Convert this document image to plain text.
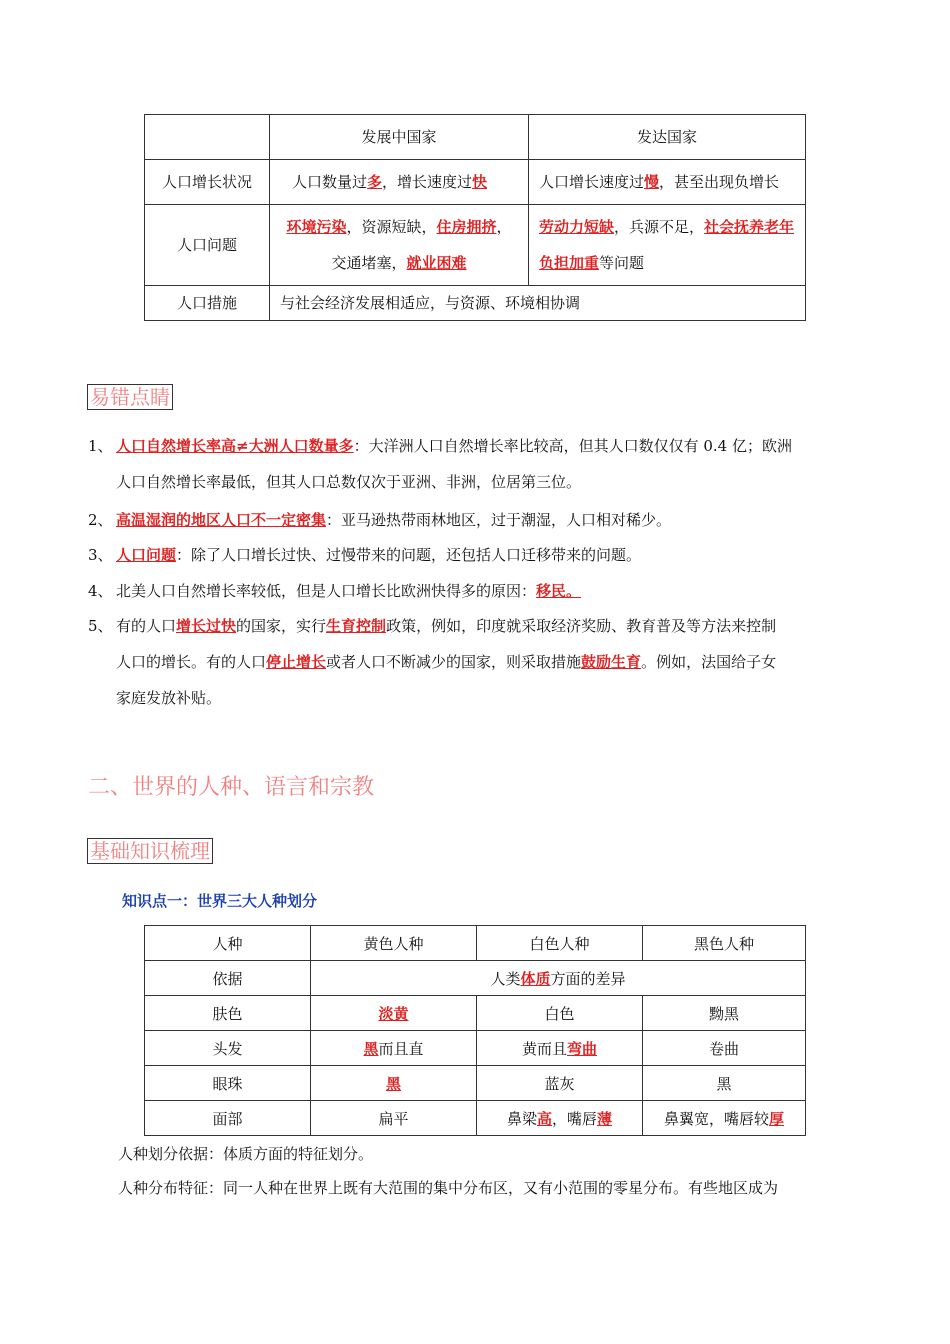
	发展中国家	发达国家
人口增长状况	人口数量过多，增长速度过快	人口增长速度过慢，甚至出现负增长
人口问题	环境污染，资源短缺，住房拥挤，交通堵塞，就业困难	劳动力短缺，兵源不足，社会抚养老年负担加重等问题
人口措施	与社会经济发展相适应，与资源、环境相协调	
易错点睛
1、 人口自然增长率高≠大洲人口数量多：大洋洲人口自然增长率比较高，但其人口数仅仅有 0.4 亿；欧洲
人口自然增长率最低，但其人口总数仅次于亚洲、非洲，位居第三位。
2、 高温湿润的地区人口不一定密集：亚马逊热带雨林地区，过于潮湿，人口相对稀少。
3、 人口问题：除了人口增长过快、过慢带来的问题，还包括人口迁移带来的问题。
4、 北美人口自然增长率较低，但是人口增长比欧洲快得多的原因：移民。
5、 有的人口增长过快的国家，实行生育控制政策，例如，印度就采取经济奖励、教育普及等方法来控制
人口的增长。有的人口停止增长或者人口不断减少的国家，则采取措施鼓励生育。例如，法国给子女
家庭发放补贴。
二、世界的人种、语言和宗教
基础知识梳理
知识点一：世界三大人种划分
人种	黄色人种	白色人种	黑色人种
依据	人类体质方面的差异		
肤色	淡黄	白色	黝黑
头发	黑而且直	黄而且弯曲	卷曲
眼珠	黑	蓝灰	黑
面部	扁平	鼻梁高，嘴唇薄	鼻翼宽，嘴唇较厚
人种划分依据：体质方面的特征划分。
人种分布特征：同一人种在世界上既有大范围的集中分布区，又有小范围的零星分布。有些地区成为
